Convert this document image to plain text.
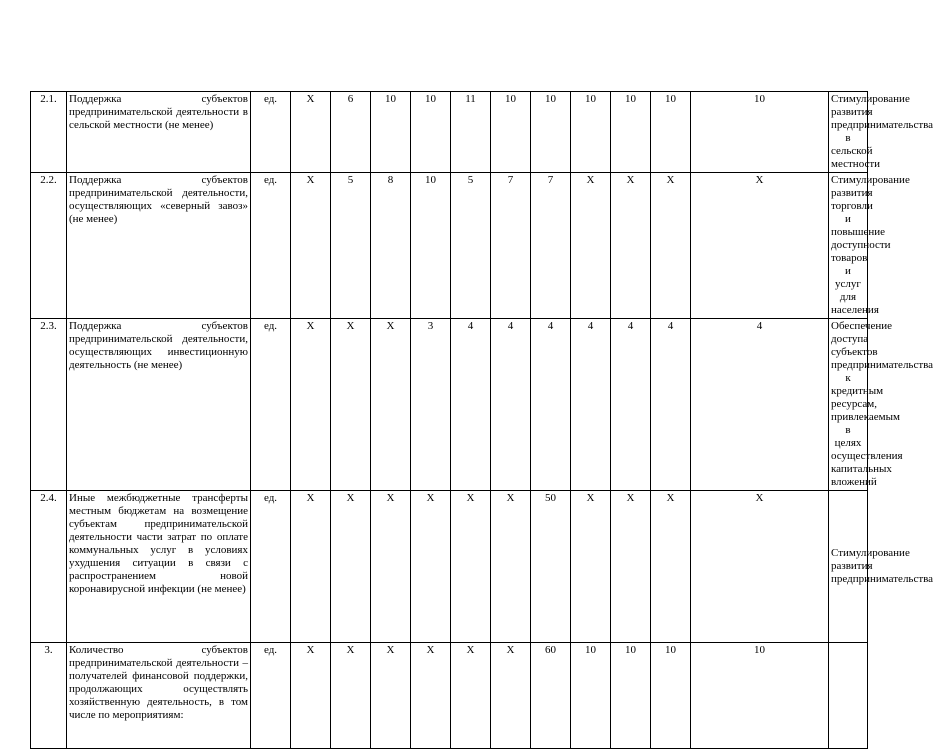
2.1.	Поддержка субъектов предпринимательской деятельности в сельской местности (не менее)	ед.	Х	6	10	10	11	10	10	10	10	10	10	Стимулирование развития предпринимательства в сельской местности
2.2.	Поддержка субъектов предпринимательской деятельности, осуществляющих «северный завоз» (не менее)	ед.	Х	5	8	10	5	7	7	Х	Х	Х	Х	Стимулирование развития торговли и повышение доступности товаров и услуг для населения
2.3.	Поддержка субъектов предпринимательской деятельности, осуществляющих инвестиционную деятельность (не менее)	ед.	Х	Х	Х	3	4	4	4	4	4	4	4	Обеспечение доступа субъектов предпринимательства к кредитным ресурсам, привлекаемым в целях осуществления капитальных вложений
2.4.	Иные межбюджетные трансферты местным бюджетам на возмещение субъектам предпринимательской деятельности части затрат по оплате коммунальных услуг в условиях ухудшения ситуации в связи с распространением новой коронавирусной инфекции (не менее)	ед.	Х	Х	Х	Х	Х	Х	50	Х	Х	Х	Х	Стимулирование развития предпринимательства
3.	Количество субъектов предпринимательской деятельности – получателей финансовой поддержки, продолжающих осуществлять хозяйственную деятельность, в том числе по мероприятиям:	ед.	Х	Х	Х	Х	Х	Х	60	10	10	10	10	
